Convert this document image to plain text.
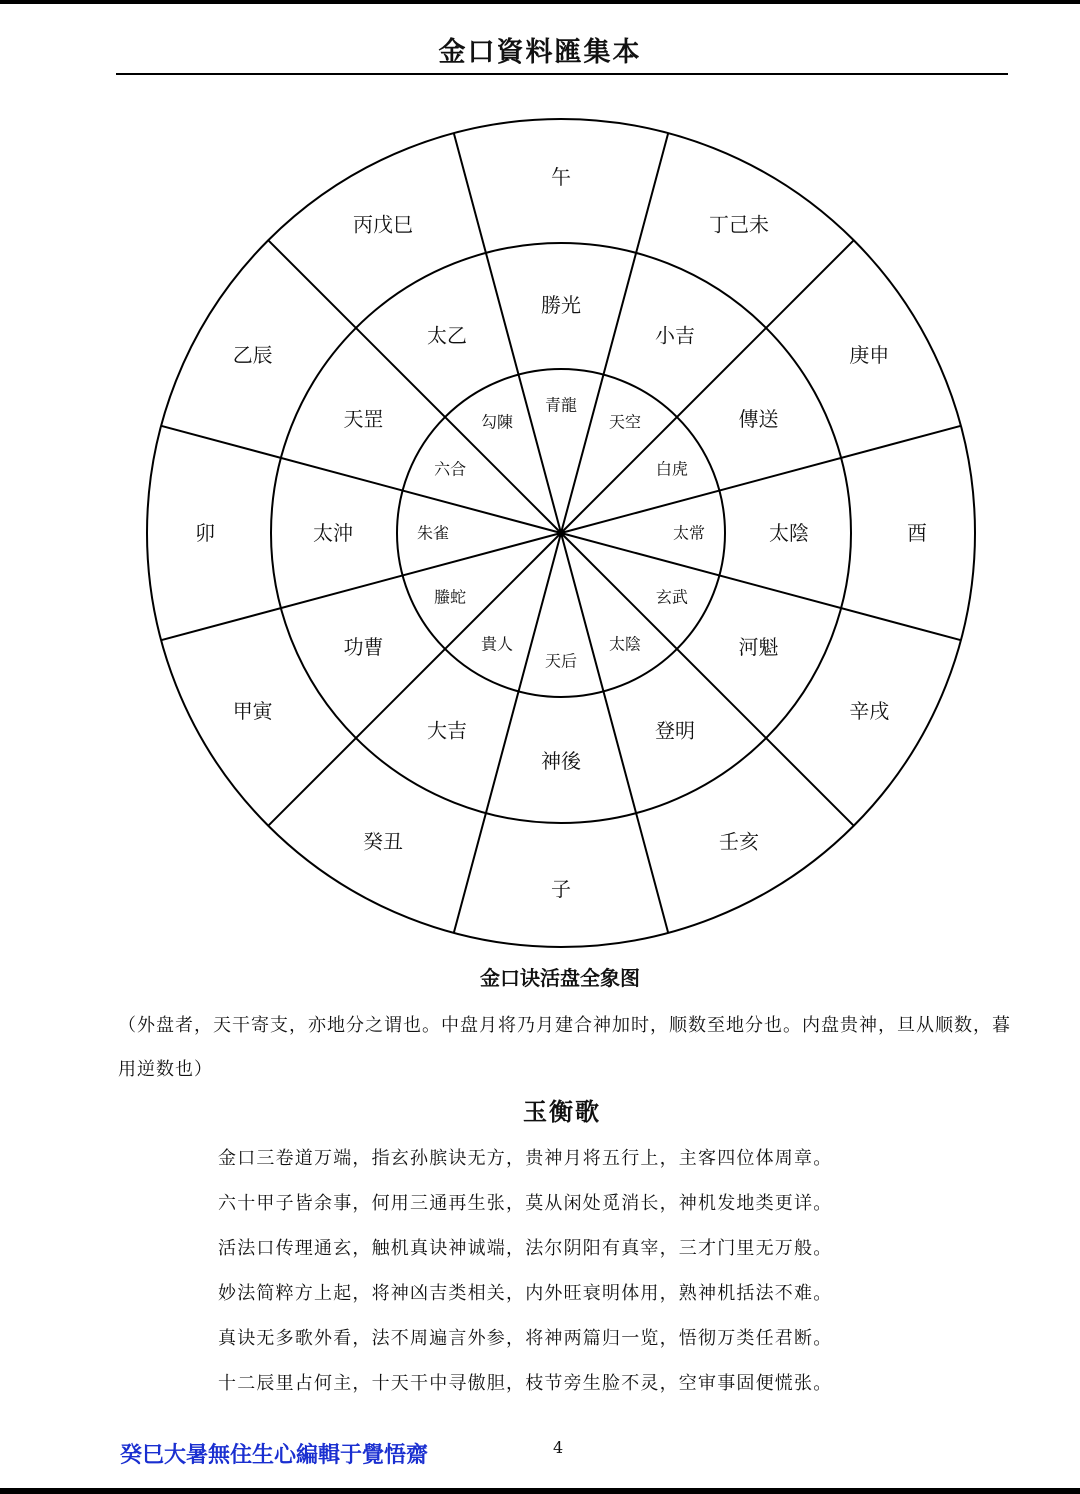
金口資料匯集本
午
丁己未
庚申
酉
辛戌
壬亥
子
癸丑
甲寅
卯
乙辰
丙戊巳
勝光
小吉
傳送
太陰
河魁
登明
神後
大吉
功曹
太沖
天罡
太乙
青龍
天空
白虎
太常
玄武
太陰
天后
貴人
螣蛇
朱雀
六合
勾陳
金口诀活盘全象图

（外盘者，天干寄支，亦地分之谓也。中盘月将乃月建合神加时，顺数至地分也。内盘贵神，旦从顺数，暮用逆数也）

玉衡歌
金口三卷道万端，指玄孙膑诀无方，贵神月将五行上，主客四位体周章。
六十甲子皆余事，何用三通再生张，莫从闲处觅消长，神机发地类更详。
活法口传理通玄，触机真诀神诚端，法尔阴阳有真宰，三才门里无万般。
妙法简粹方上起，将神凶吉类相关，内外旺衰明体用，熟神机括法不难。
真诀无多歌外看，法不周遍言外参，将神两篇归一览，悟彻万类任君断。
十二辰里占何主，十天干中寻傲胆，枝节旁生脸不灵，空审事固便慌张。
癸巳大暑無住生心編輯于覺悟齋	4
